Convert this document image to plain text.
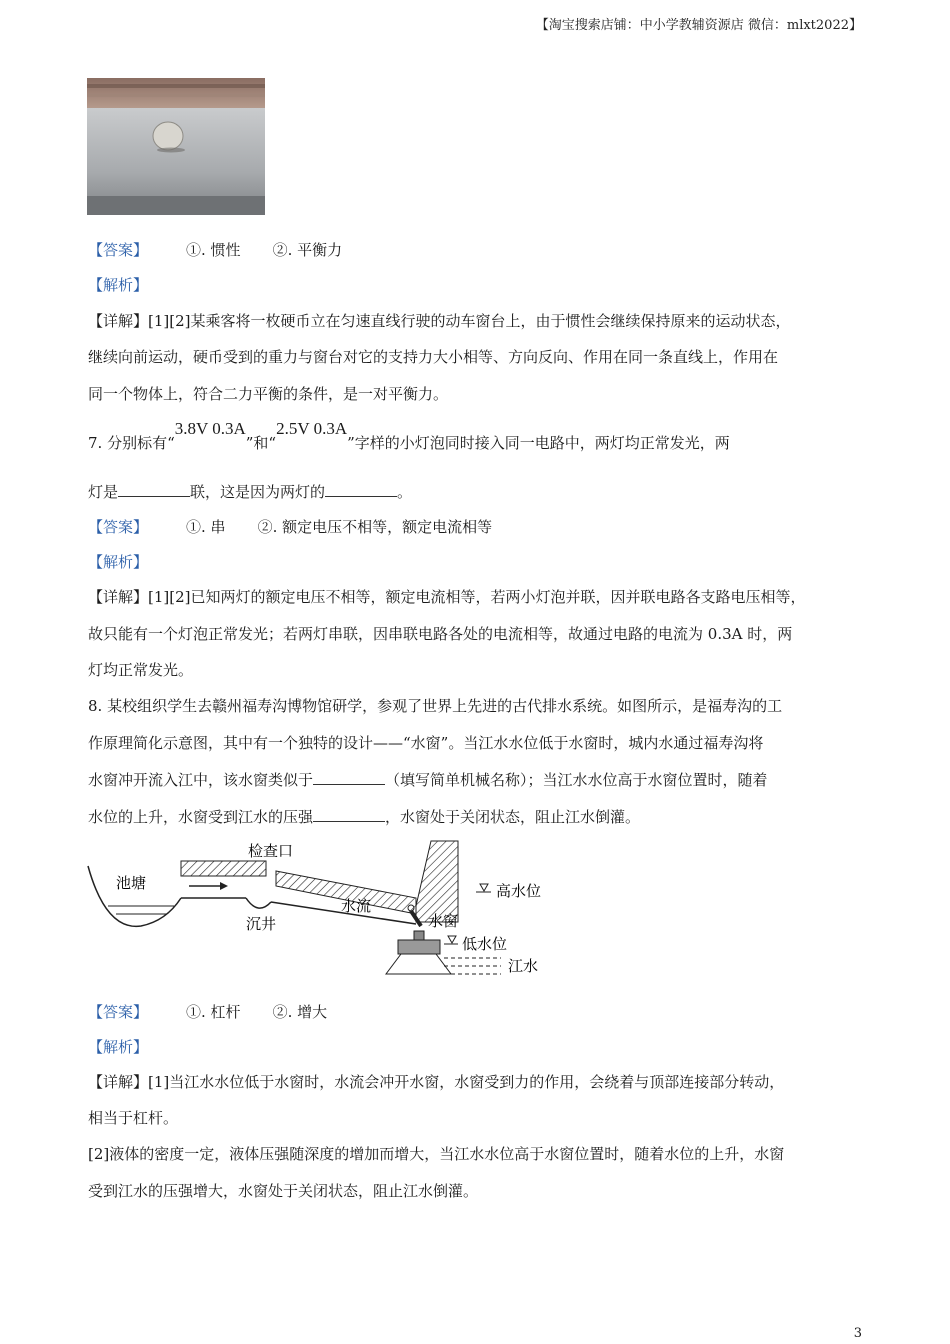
【淘宝搜索店铺：中小学教辅资源店 微信：mlxt2022】
【答案】	①. 惯性 ②. 平衡力
【解析】
【详解】[1][2]某乘客将一枚硬币立在匀速直线行驶的动车窗台上，由于惯性会继续保持原来的运动状态，
继续向前运动，硬币受到的重力与窗台对它的支持力大小相等、方向反向、作用在同一条直线上，作用在
同一个物体上，符合二力平衡的条件，是一对平衡力。
7. 分别标有“3.8V 0.3A”和“2.5V 0.3A”字样的小灯泡同时接入同一电路中，两灯均正常发光，两
灯是	联，这是因为两灯的	。
【答案】	①. 串 ②. 额定电压不相等，额定电流相等
【解析】
【详解】[1][2]已知两灯的额定电压不相等，额定电流相等，若两小灯泡并联，因并联电路各支路电压相等，
故只能有一个灯泡正常发光；若两灯串联，因串联电路各处的电流相等，故通过电路的电流为 0.3A 时，两
灯均正常发光。
8. 某校组织学生去赣州福寿沟博物馆研学，参观了世界上先进的古代排水系统。如图所示，是福寿沟的工
作原理简化示意图，其中有一个独特的设计——“水窗”。当江水水位低于水窗时，城内水通过福寿沟将
水窗冲开流入江中，该水窗类似于	（填写简单机械名称）；当江水水位高于水窗位置时，随着
水位的上升，水窗受到江水的压强	，水窗处于关闭状态，阻止江水倒灌。
池塘
沉井
检查口
水流
水窗
高水位
低水位
江水
【答案】	①. 杠杆 ②. 增大
【解析】
【详解】[1]当江水水位低于水窗时，水流会冲开水窗，水窗受到力的作用，会绕着与顶部连接部分转动，
相当于杠杆。
[2]液体的密度一定，液体压强随深度的增加而增大，当江水水位高于水窗位置时，随着水位的上升，水窗
受到江水的压强增大，水窗处于关闭状态，阻止江水倒灌。
3
